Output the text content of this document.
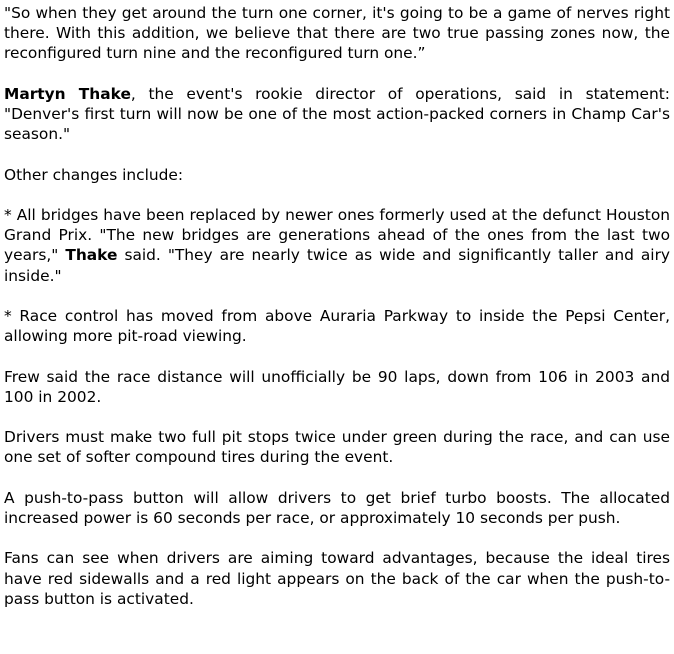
"So when they get around the turn one corner, it's going to be a game of nerves right there. With this addition, we believe that there are two true passing zones now, the reconfigured turn nine and the reconfigured turn one.”

Martyn Thake, the event's rookie director of operations, said in statement: "Denver's first turn will now be one of the most action-packed corners in Champ Car's season."

Other changes include:

* All bridges have been replaced by newer ones formerly used at the defunct Houston Grand Prix. "The new bridges are generations ahead of the ones from the last two years," Thake said. "They are nearly twice as wide and significantly taller and airy inside."

* Race control has moved from above Auraria Parkway to inside the Pepsi Center, allowing more pit-road viewing.

Frew said the race distance will unofficially be 90 laps, down from 106 in 2003 and 100 in 2002.

Drivers must make two full pit stops twice under green during the race, and can use one set of softer compound tires during the event.

A push-to-pass button will allow drivers to get brief turbo boosts. The allocated increased power is 60 seconds per race, or approximately 10 seconds per push.

Fans can see when drivers are aiming toward advantages, because the ideal tires have red sidewalls and a red light appears on the back of the car when the push-to-pass button is activated.
